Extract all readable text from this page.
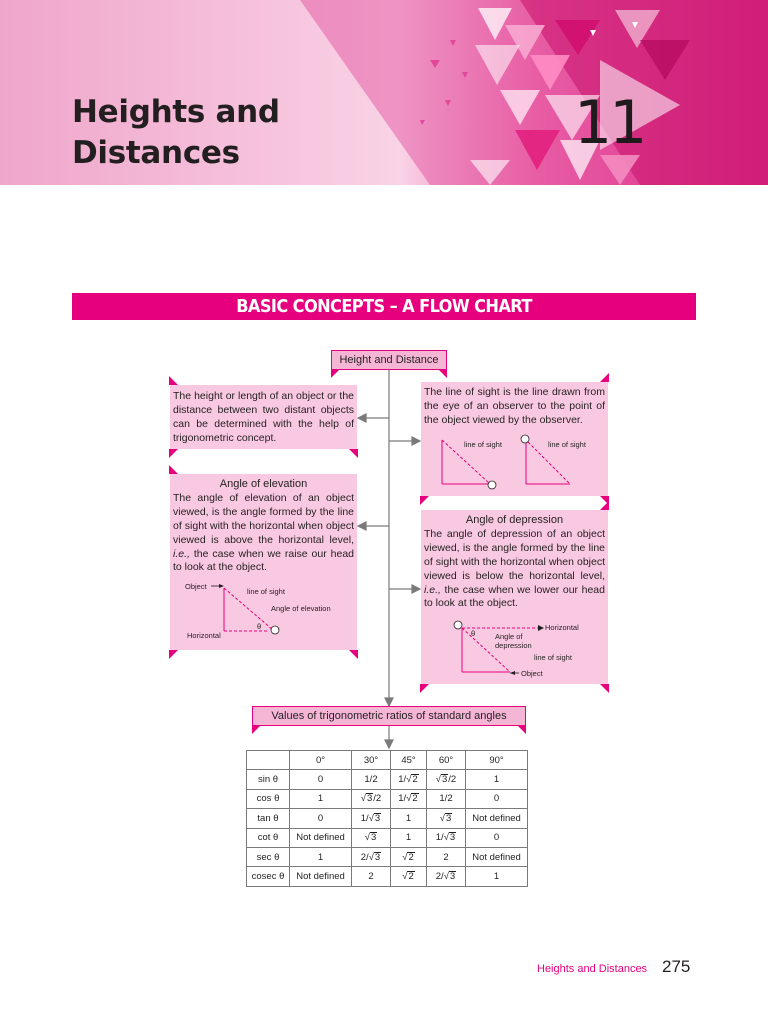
Heights and
Distances	11
BASIC CONCEPTS – A FLOW CHART
Height and Distance
The height or length of an object or the distance between two distant objects can be determined with the help of trigonometric concept.
The line of sight is the line drawn from the eye of an observer to the point of the object viewed by the observer.
line of sight	line of sight
Angle of elevation
The angle of elevation of an object viewed, is the angle formed by the line of sight with the horizontal when object viewed is above the horizontal level, i.e., the case when we raise our head to look at the object.
Object
line of sight
Angle of elevation
θ
Horizontal
Angle of depression
The angle of depression of an object viewed, is the angle formed by the line of sight with the horizontal when object viewed is below the horizontal level, i.e., the case when we lower our head to look at the object.
Horizontal
θ	Angle of
depression
line of sight
Object
Values of trigonometric ratios of standard angles
	0°	30°	45°	60°	90°
sin θ	0	1/2	1/√2	√3/2	1
cos θ	1	√3/2	1/√2	1/2	0
tan θ	0	1/√3	1	√3	Not defined
cot θ	Not defined	√3	1	1/√3	0
sec θ	1	2/√3	√2	2	Not defined
cosec θ	Not defined	2	√2	2/√3	1
Heights and Distances 275
